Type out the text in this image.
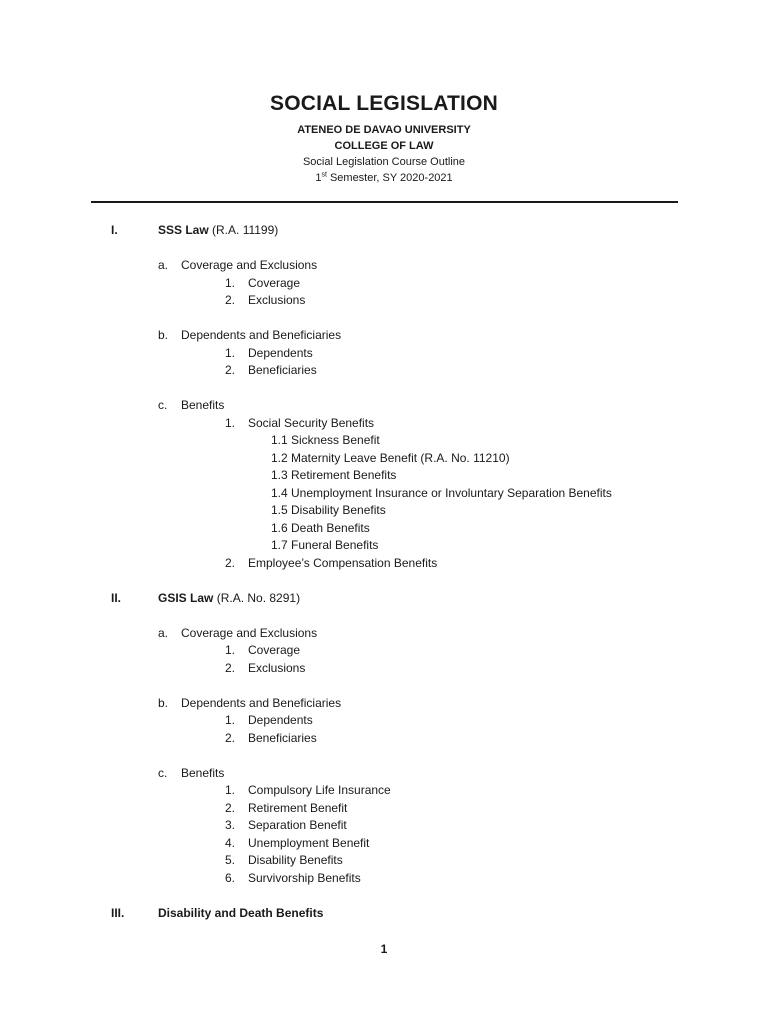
SOCIAL LEGISLATION
ATENEO DE DAVAO UNIVERSITY
COLLEGE OF LAW
Social Legislation Course Outline
1st Semester, SY 2020-2021
I.	SSS Law (R.A. 11199)
a. Coverage and Exclusions
1. Coverage
2. Exclusions
b. Dependents and Beneficiaries
1. Dependents
2. Beneficiaries
c. Benefits
1. Social Security Benefits
1.1 Sickness Benefit
1.2 Maternity Leave Benefit (R.A. No. 11210)
1.3 Retirement Benefits
1.4 Unemployment Insurance or Involuntary Separation Benefits
1.5 Disability Benefits
1.6 Death Benefits
1.7 Funeral Benefits
2. Employee’s Compensation Benefits
II.	GSIS Law (R.A. No. 8291)
a. Coverage and Exclusions
1. Coverage
2. Exclusions
b. Dependents and Beneficiaries
1. Dependents
2. Beneficiaries
c. Benefits
1. Compulsory Life Insurance
2. Retirement Benefit
3. Separation Benefit
4. Unemployment Benefit
5. Disability Benefits
6. Survivorship Benefits
III.	Disability and Death Benefits
1
